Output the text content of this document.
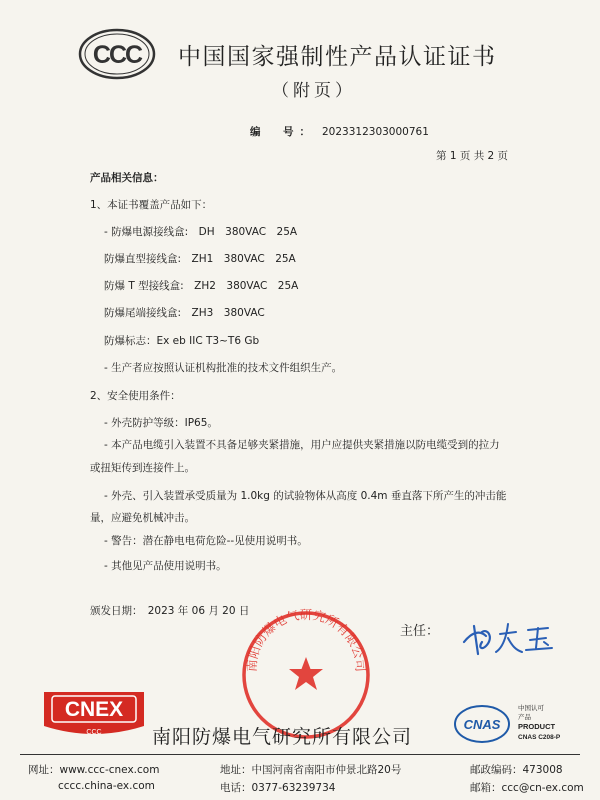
CCC 中国国家强制性产品认证证书
（附页）
编　号： 2023312303000761
第 1 页 共 2 页
产品相关信息：
1、本证书覆盖产品如下：
- 防爆电源接线盒:　DH　380VAC　25A
防爆直型接线盒:　ZH1　380VAC　25A
防爆 T 型接线盒:　ZH2　380VAC　25A
防爆尾端接线盒:　ZH3　380VAC
防爆标志：Ex eb IIC T3~T6 Gb
- 生产者应按照认证机构批准的技术文件组织生产。
2、安全使用条件：
- 外壳防护等级：IP65。
- 本产品电缆引入装置不具备足够夹紧措施，用户应提供夹紧措施以防电缆受到的拉力
或扭矩传到连接件上。
- 外壳、引入装置承受质量为 1.0kg 的试验物体从高度 0.4m 垂直落下所产生的冲击能
量，应避免机械冲击。
- 警告：潜在静电电荷危险--见使用说明书。
- 其他见产品使用说明书。
颁发日期：　2023 年 06 月 20 日
南阳防爆电气研究所有限公司
主任：
CNEX
CCC	南阳防爆电气研究所有限公司
CNAS
中国认可
产品
PRODUCT
CNAS C208-P
网址：www.ccc-cnex.com
cccc.china-ex.com
地址：中国河南省南阳市仲景北路20号
电话：0377-63239734
邮政编码：473008
邮箱：ccc@cn-ex.com
